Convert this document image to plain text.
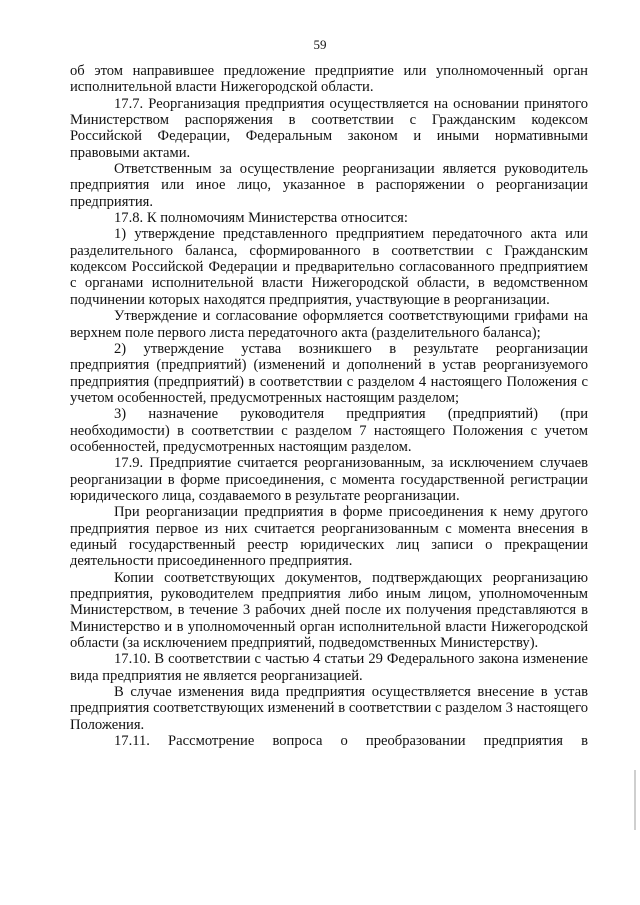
59

об этом направившее предложение предприятие или уполномоченный орган исполнительной власти Нижегородской области.

17.7. Реорганизация предприятия осуществляется на основании принятого Министерством распоряжения в соответствии с Гражданским кодексом Российской Федерации, Федеральным законом и иными нормативными правовыми актами.

Ответственным за осуществление реорганизации является руководитель предприятия или иное лицо, указанное в распоряжении о реорганизации предприятия.

17.8. К полномочиям Министерства относится:

1) утверждение представленного предприятием передаточного акта или разделительного баланса, сформированного в соответствии с Гражданским кодексом Российской Федерации и предварительно согласованного предприятием с органами исполнительной власти Нижегородской области, в ведомственном подчинении которых находятся предприятия, участвующие в реорганизации.

Утверждение и согласование оформляется соответствующими грифами на верхнем поле первого листа передаточного акта (разделительного баланса);

2) утверждение устава возникшего в результате реорганизации предприятия (предприятий) (изменений и дополнений в устав реорганизуемого предприятия (предприятий) в соответствии с разделом 4 настоящего Положения с учетом особенностей, предусмотренных настоящим разделом;

3) назначение руководителя предприятия (предприятий) (при необходимости) в соответствии с разделом 7 настоящего Положения с учетом особенностей, предусмотренных настоящим разделом.

17.9. Предприятие считается реорганизованным, за исключением случаев реорганизации в форме присоединения, с момента государственной регистрации юридического лица, создаваемого в результате реорганизации.

При реорганизации предприятия в форме присоединения к нему другого предприятия первое из них считается реорганизованным с момента внесения в единый государственный реестр юридических лиц записи о прекращении деятельности присоединенного предприятия.

Копии соответствующих документов, подтверждающих реорганизацию предприятия, руководителем предприятия либо иным лицом, уполномоченным Министерством, в течение 3 рабочих дней после их получения представляются в Министерство и в уполномоченный орган исполнительной власти Нижегородской области (за исключением предприятий, подведомственных Министерству).

17.10. В соответствии с частью 4 статьи 29 Федерального закона изменение вида предприятия не является реорганизацией.

В случае изменения вида предприятия осуществляется внесение в устав предприятия соответствующих изменений в соответствии с разделом 3 настоящего Положения.

17.11. Рассмотрение вопроса о преобразовании предприятия в
